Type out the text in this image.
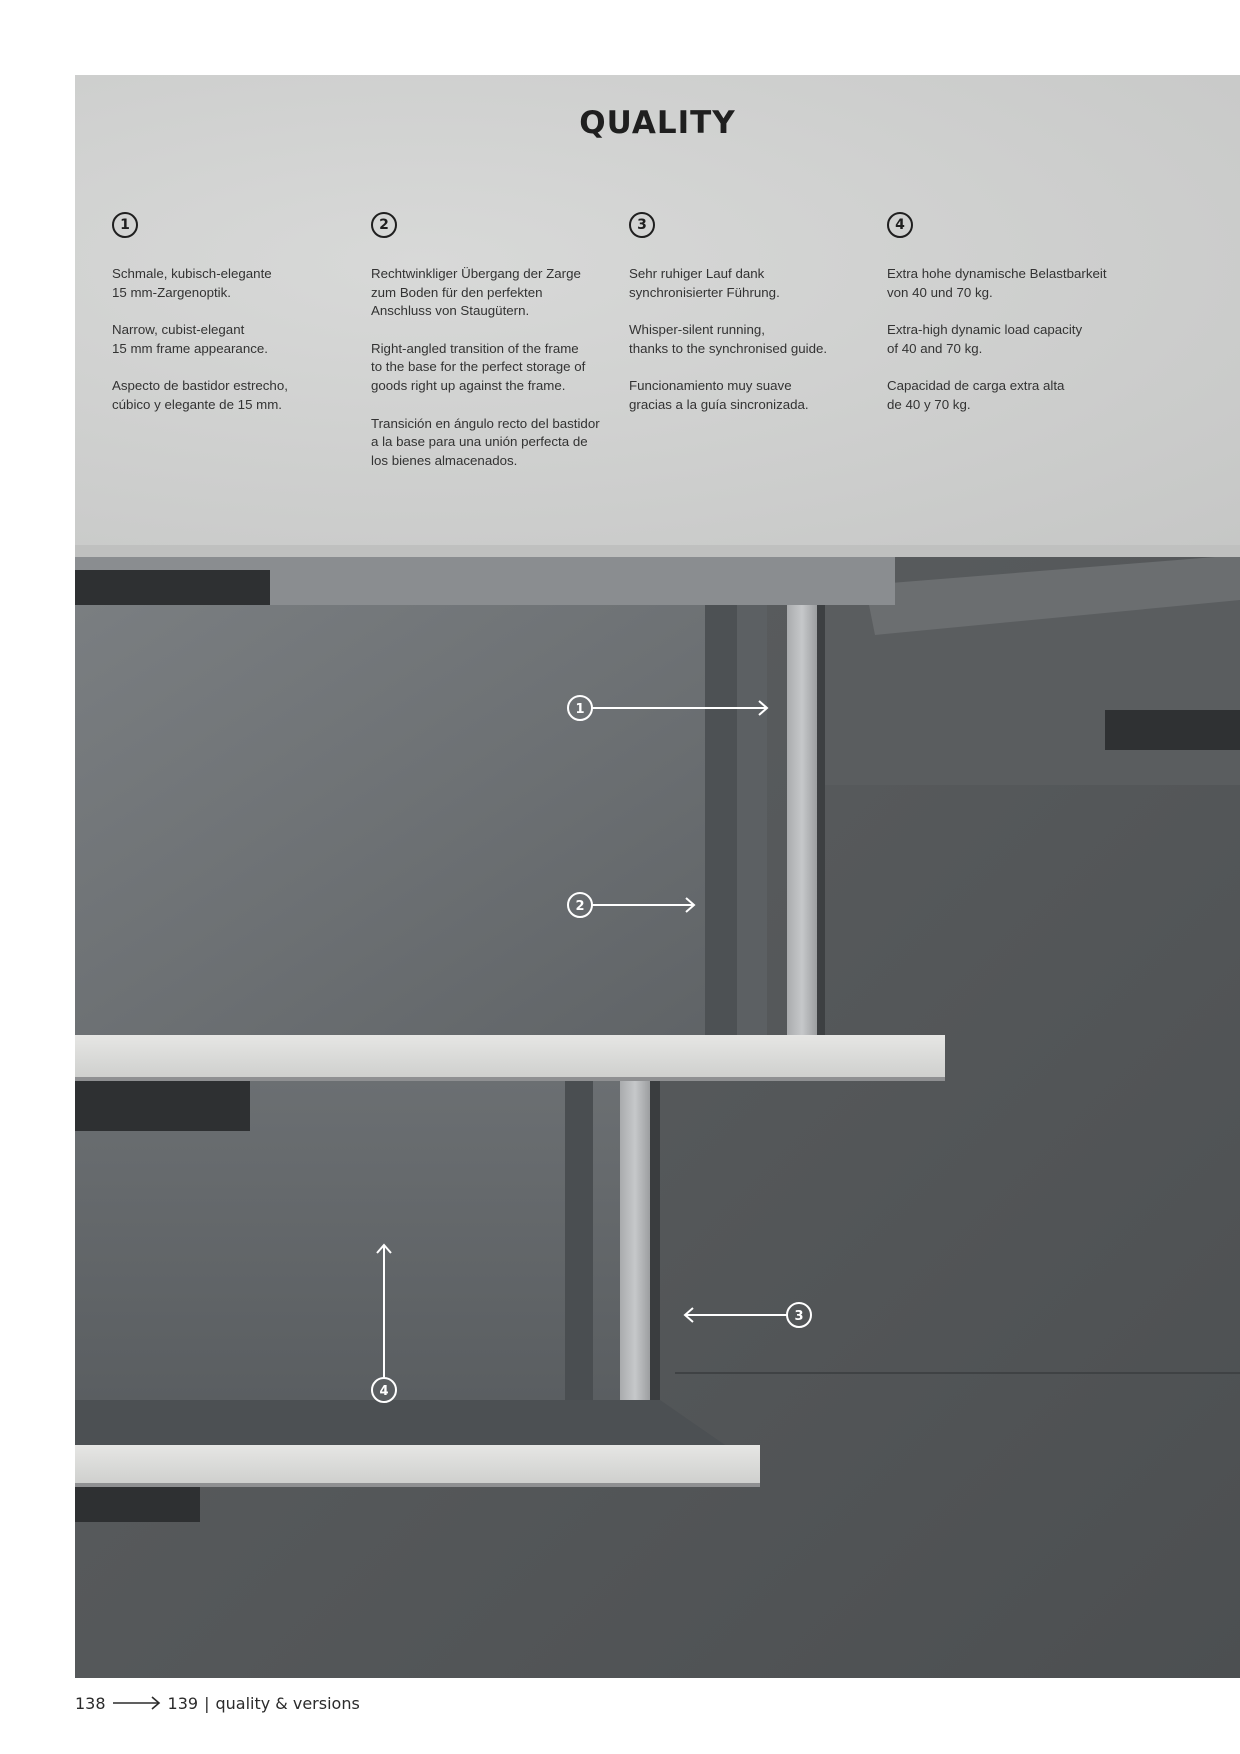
QUALITY
1

Schmale, kubisch-elegante
15 mm-Zargenoptik.

Narrow, cubist-elegant
15 mm frame appearance.

Aspecto de bastidor estrecho,
cúbico y elegante de 15 mm.

2

Rechtwinkliger Übergang der Zarge
zum Boden für den perfekten
Anschluss von Staugütern.

Right-angled transition of the frame
to the base for the perfect storage of
goods right up against the frame.

Transición en ángulo recto del bastidor
a la base para una unión perfecta de
los bienes almacenados.

3

Sehr ruhiger Lauf dank
synchronisierter Führung.

Whisper-silent running,
thanks to the synchronised guide.

Funcionamiento muy suave
gracias a la guía sincronizada.

4

Extra hohe dynamische Belastbarkeit
von 40 und 70 kg.

Extra-high dynamic load capacity
of 40 and 70 kg.

Capacidad de carga extra alta
de 40 y 70 kg.

1
2
3
4
138	139 | quality & versions
